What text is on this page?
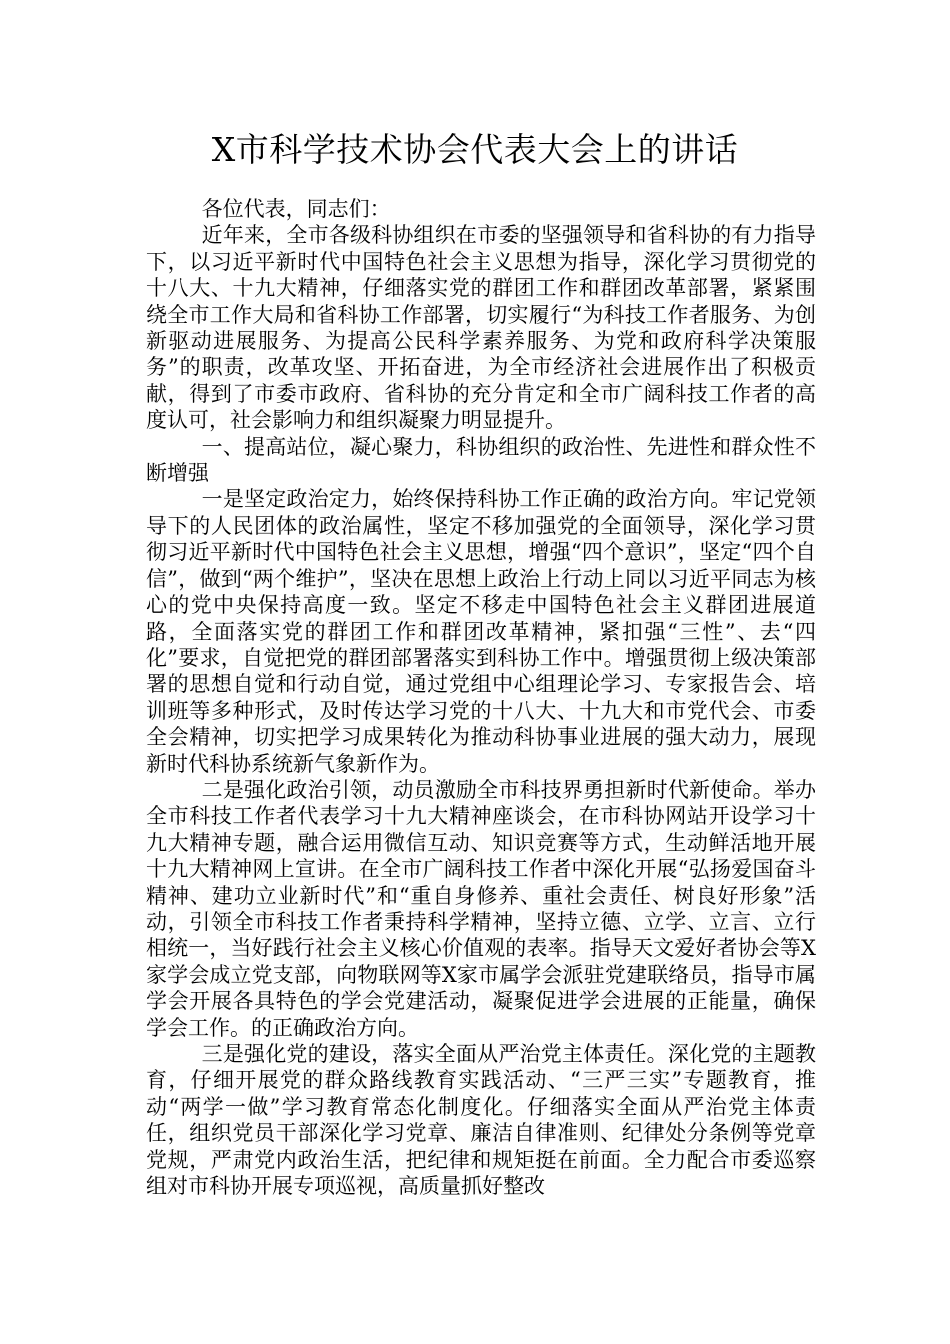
X市科学技术协会代表大会上的讲话

各位代表，同志们：

近年来，全市各级科协组织在市委的坚强领导和省科协的有力指导下，以习近平新时代中国特色社会主义思想为指导，深化学习贯彻党的十八大、十九大精神，仔细落实党的群团工作和群团改革部署，紧紧围绕全市工作大局和省科协工作部署，切实履行“为科技工作者服务、为创新驱动进展服务、为提高公民科学素养服务、为党和政府科学决策服务”的职责，改革攻坚、开拓奋进，为全市经济社会进展作出了积极贡献，得到了市委市政府、省科协的充分肯定和全市广阔科技工作者的高度认可，社会影响力和组织凝聚力明显提升。

一、提高站位，凝心聚力，科协组织的政治性、先进性和群众性不断增强

一是坚定政治定力，始终保持科协工作正确的政治方向。牢记党领导下的人民团体的政治属性，坚定不移加强党的全面领导，深化学习贯彻习近平新时代中国特色社会主义思想，增强“四个意识”，坚定“四个自信”，做到“两个维护”，坚决在思想上政治上行动上同以习近平同志为核心的党中央保持高度一致。坚定不移走中国特色社会主义群团进展道路，全面落实党的群团工作和群团改革精神，紧扣强“三性”、去“四化”要求，自觉把党的群团部署落实到科协工作中。增强贯彻上级决策部署的思想自觉和行动自觉，通过党组中心组理论学习、专家报告会、培训班等多种形式，及时传达学习党的十八大、十九大和市党代会、市委全会精神，切实把学习成果转化为推动科协事业进展的强大动力，展现新时代科协系统新气象新作为。

二是强化政治引领，动员激励全市科技界勇担新时代新使命。举办全市科技工作者代表学习十九大精神座谈会，在市科协网站开设学习十九大精神专题，融合运用微信互动、知识竞赛等方式，生动鲜活地开展十九大精神网上宣讲。在全市广阔科技工作者中深化开展“弘扬爱国奋斗精神、建功立业新时代”和“重自身修养、重社会责任、树良好形象”活动，引领全市科技工作者秉持科学精神，坚持立德、立学、立言、立行相统一，当好践行社会主义核心价值观的表率。指导天文爱好者协会等X家学会成立党支部，向物联网等X家市属学会派驻党建联络员，指导市属学会开展各具特色的学会党建活动，凝聚促进学会进展的正能量，确保学会工作。的正确政治方向。

三是强化党的建设，落实全面从严治党主体责任。深化党的主题教育，仔细开展党的群众路线教育实践活动、“三严三实”专题教育，推动“两学一做”学习教育常态化制度化。仔细落实全面从严治党主体责任，组织党员干部深化学习党章、廉洁自律准则、纪律处分条例等党章党规，严肃党内政治生活，把纪律和规矩挺在前面。全力配合市委巡察组对市科协开展专项巡视，高质量抓好整改
